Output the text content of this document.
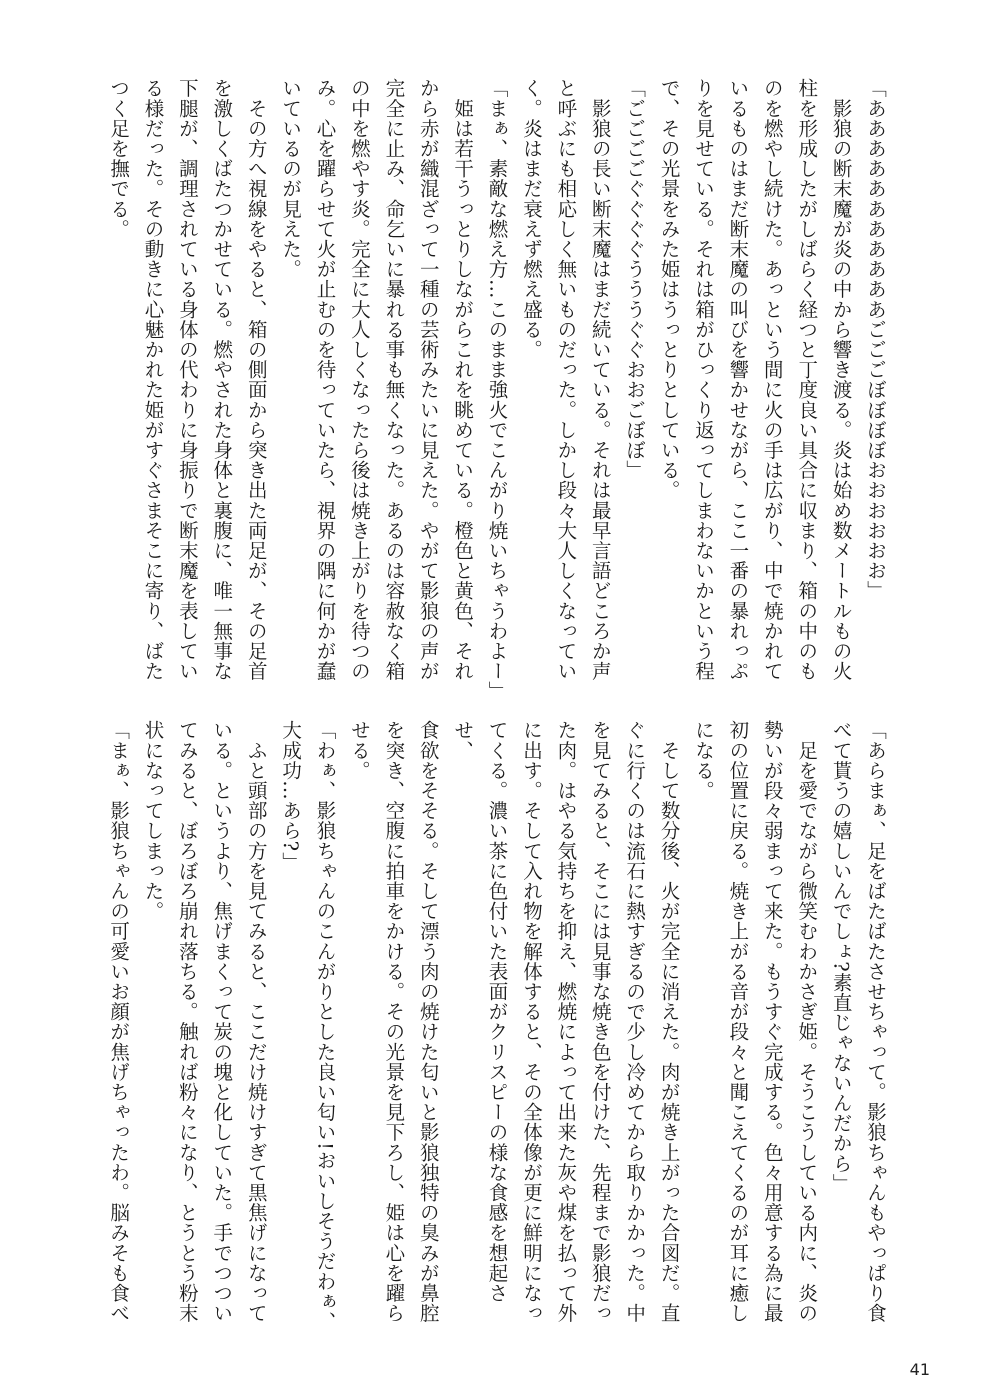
「あああああああああああごごごぼぼぼぼおおおおおお」

　影狼の断末魔が炎の中から響き渡る。炎は始め数メートルもの火

柱を形成したがしばらく経つと丁度良い具合に収まり、箱の中のも

のを燃やし続けた。あっという間に火の手は広がり、中で焼かれて

いるものはまだ断末魔の叫びを響かせながら、ここ一番の暴れっぷ

りを見せている。それは箱がひっくり返ってしまわないかという程

で、その光景をみた姫はうっとりとしている。

「ごごごごぐぐぐぐうううぐぐおおごぼぼ」

　影狼の長い断末魔はまだ続いている。それは最早言語どころか声

と呼ぶにも相応しく無いものだった。しかし段々大人しくなってい

く。炎はまだ衰えず燃え盛る。

「まぁ、素敵な燃え方…このまま強火でこんがり焼いちゃうわよー」

　姫は若干うっとりしながらこれを眺めている。橙色と黄色、それ

から赤が織混ざって一種の芸術みたいに見えた。やがて影狼の声が

完全に止み、命乞いに暴れる事も無くなった。あるのは容赦なく箱

の中を燃やす炎。完全に大人しくなったら後は焼き上がりを待つの

み。心を躍らせて火が止むのを待っていたら、視界の隅に何かが蠢

いているのが見えた。

　その方へ視線をやると、箱の側面から突き出た両足が、その足首

を激しくばたつかせている。燃やされた身体と裏腹に、唯一無事な

下腿が、調理されている身体の代わりに身振りで断末魔を表してい

る様だった。その動きに心魅かれた姫がすぐさまそこに寄り、ばた

つく足を撫でる。

「あらまぁ、足をばたばたさせちゃって。影狼ちゃんもやっぱり食

べて貰うの嬉しいんでしょ?素直じゃないんだから」

　足を愛でながら微笑むわかさぎ姫。そうこうしている内に、炎の

勢いが段々弱まって来た。もうすぐ完成する。色々用意する為に最

初の位置に戻る。焼き上がる音が段々と聞こえてくるのが耳に癒し

になる。

　そして数分後、火が完全に消えた。肉が焼き上がった合図だ。直

ぐに行くのは流石に熱すぎるので少し冷めてから取りかかった。中

を見てみると、そこには見事な焼き色を付けた、先程まで影狼だっ

た肉。はやる気持ちを抑え、燃焼によって出来た灰や煤を払って外

に出す。そして入れ物を解体すると、その全体像が更に鮮明になっ

てくる。濃い茶に色付いた表面がクリスピーの様な食感を想起させ、

食欲をそそる。そして漂う肉の焼けた匂いと影狼独特の臭みが鼻腔

を突き、空腹に拍車をかける。その光景を見下ろし、姫は心を躍ら

せる。

「わぁ、影狼ちゃんのこんがりとした良い匂い!おいしそうだわぁ、

大成功…あら?」

　ふと頭部の方を見てみると、ここだけ焼けすぎて黒焦げになって

いる。というより、焦げまくって炭の塊と化していた。手でつつい

てみると、ぼろぼろ崩れ落ちる。触れば粉々になり、とうとう粉末

状になってしまった。

「まぁ、影狼ちゃんの可愛いお顔が焦げちゃったわ。脳みそも食べ

41
